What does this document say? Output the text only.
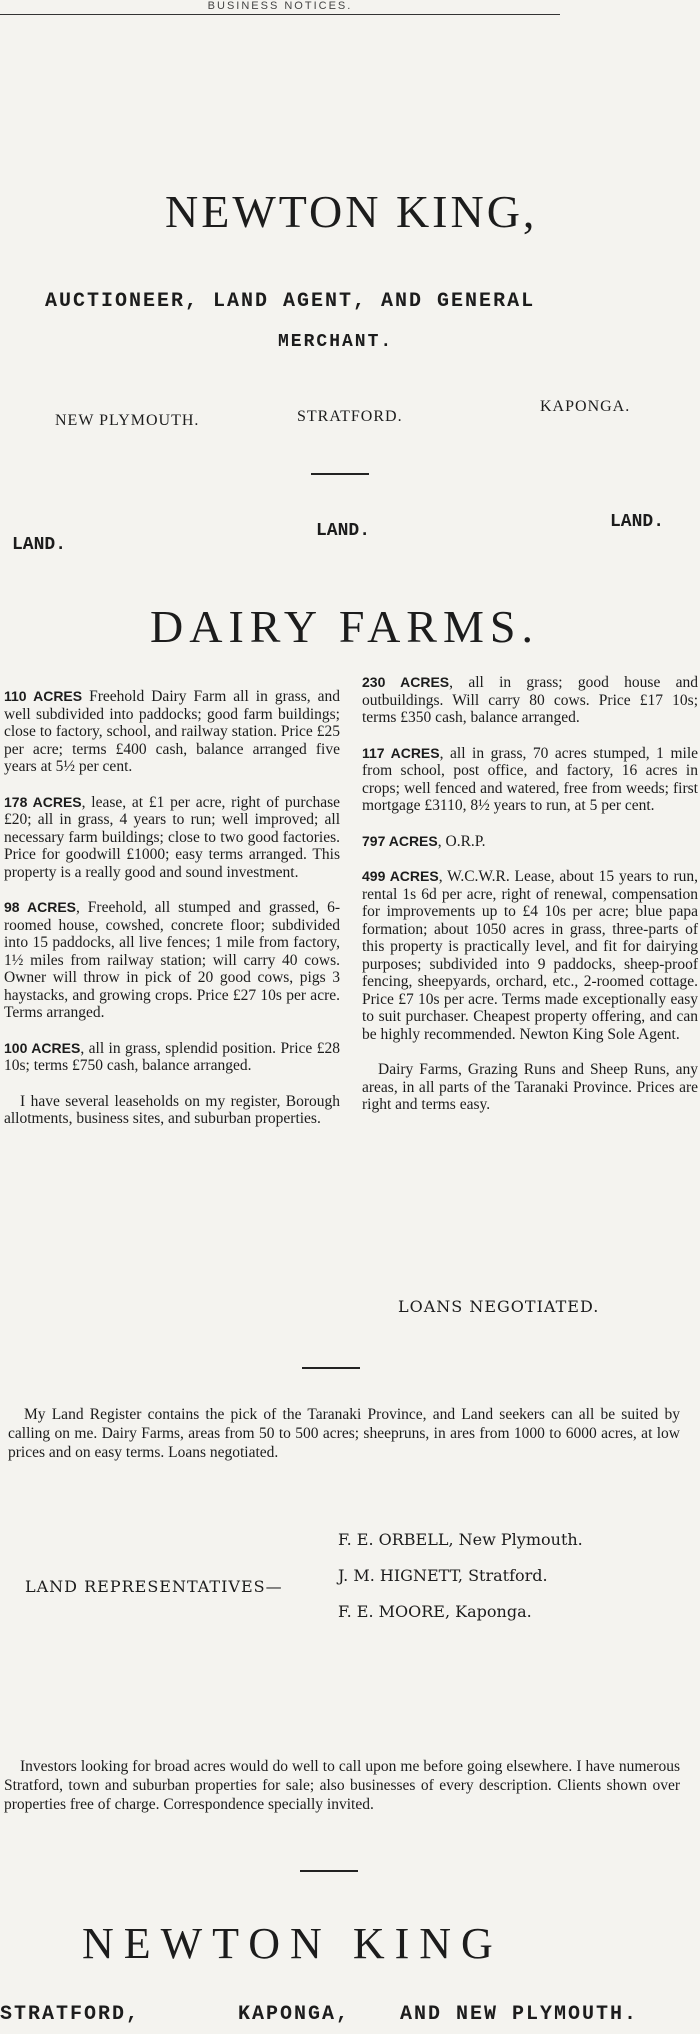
BUSINESS NOTICES.
NEWTON KING,
AUCTIONEER, LAND AGENT, AND GENERAL
MERCHANT.
NEW PLYMOUTH.	STRATFORD.
KAPONGA.
LAND.
LAND.	LAND.
DAIRY FARMS.

110 ACRES Freehold Dairy Farm all in grass, and well subdivided into paddocks; good farm buildings; close to factory, school, and railway station. Price £25 per acre; terms £400 cash, balance arranged five years at 5½ per cent.

178 ACRES, lease, at £1 per acre, right of purchase £20; all in grass, 4 years to run; well improved; all necessary farm buildings; close to two good factories. Price for goodwill £1000; easy terms arranged. This property is a really good and sound investment.

98 ACRES, Freehold, all stumped and grassed, 6-roomed house, cowshed, concrete floor; subdivided into 15 paddocks, all live fences; 1 mile from factory, 1½ miles from railway station; will carry 40 cows. Owner will throw in pick of 20 good cows, pigs 3 haystacks, and growing crops. Price £27 10s per acre. Terms arranged.

100 ACRES, all in grass, splendid position. Price £28 10s; terms £750 cash, balance arranged.

I have several leaseholds on my register, Borough allotments, business sites, and suburban properties.

230 ACRES, all in grass; good house and outbuildings. Will carry 80 cows. Price £17 10s; terms £350 cash, balance arranged.

117 ACRES, all in grass, 70 acres stumped, 1 mile from school, post office, and factory, 16 acres in crops; well fenced and watered, free from weeds; first mortgage £3110, 8½ years to run, at 5 per cent.

797 ACRES, O.R.P.

499 ACRES, W.C.W.R. Lease, about 15 years to run, rental 1s 6d per acre, right of renewal, compensation for improvements up to £4 10s per acre; blue papa formation; about 1050 acres in grass, three-parts of this property is practically level, and fit for dairying purposes; subdivided into 9 paddocks, sheep-proof fencing, sheepyards, orchard, etc., 2-roomed cottage. Price £7 10s per acre. Terms made exceptionally easy to suit purchaser. Cheapest property offering, and can be highly recommended. Newton King Sole Agent.

Dairy Farms, Grazing Runs and Sheep Runs, any areas, in all parts of the Taranaki Province. Prices are right and terms easy.

LOANS NEGOTIATED.
My Land Register contains the pick of the Taranaki Province, and Land seekers can all be suited by calling on me. Dairy Farms, areas from 50 to 500 acres; sheepruns, in ares from 1000 to 6000 acres, at low prices and on easy terms. Loans negotiated.
LAND REPRESENTATIVES—
F. E. ORBELL, New Plymouth.
J. M. HIGNETT, Stratford.
F. E. MOORE, Kaponga.
Investors looking for broad acres would do well to call upon me before going elsewhere. I have numerous Stratford, town and suburban properties for sale; also businesses of every description. Clients shown over properties free of charge. Correspondence specially invited.
NEWTON KING
STRATFORD,	KAPONGA, AND NEW PLYMOUTH.
